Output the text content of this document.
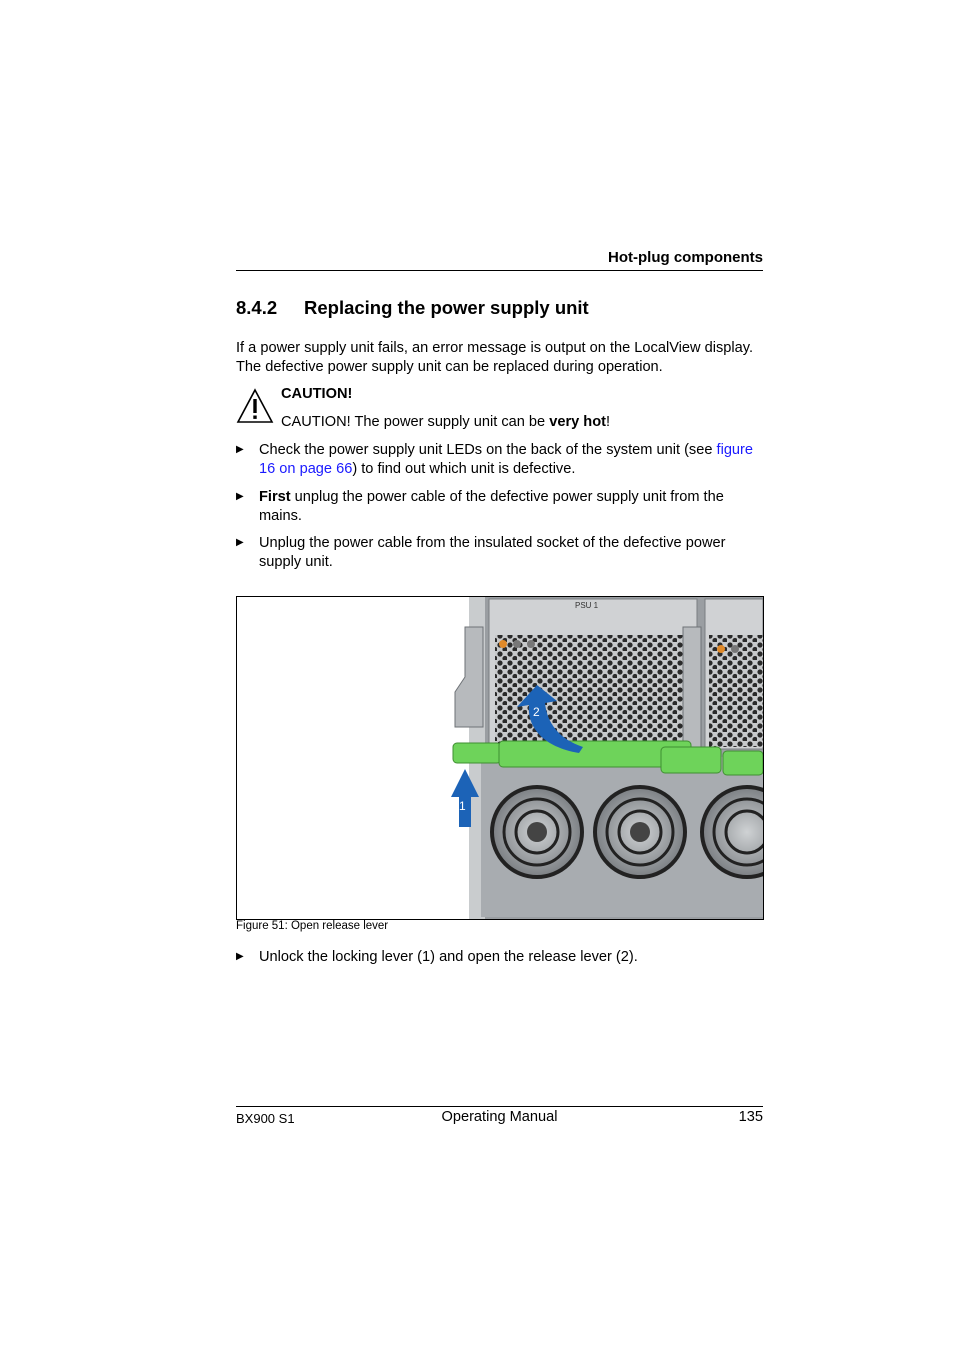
Hot-plug components
8.4.2 Replacing the power supply unit
If a power supply unit fails, an error message is output on the LocalView display.
The defective power supply unit can be replaced during operation.
CAUTION!
CAUTION! The power supply unit can be very hot!
▶ Check the power supply unit LEDs on the back of the system unit (see figure 16 on page 66) to find out which unit is defective.
▶ First unplug the power cable of the defective power supply unit from the mains.
▶ Unplug the power cable from the insulated socket of the defective power supply unit.
PSU 1
1
2
Figure 51: Open release lever
▶ Unlock the locking lever (1) and open the release lever (2).
BX900 S1	Operating Manual	135
